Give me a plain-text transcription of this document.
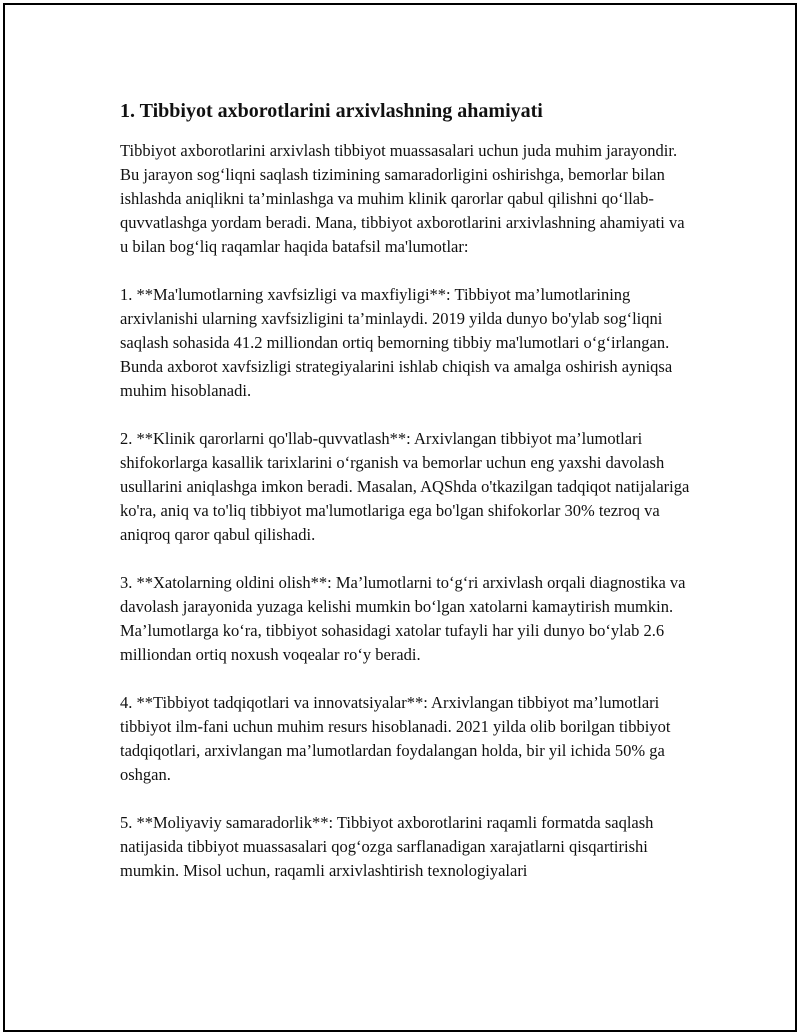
1. Tibbiyot axborotlarini arxivlashning ahamiyati

Tibbiyot axborotlarini arxivlash tibbiyot muassasalari uchun juda muhim jarayondir. Bu jarayon sog‘liqni saqlash tizimining samaradorligini oshirishga, bemorlar bilan ishlashda aniqlikni ta’minlashga va muhim klinik qarorlar qabul qilishni qo‘llab-quvvatlashga yordam beradi. Mana, tibbiyot axborotlarini arxivlashning ahamiyati va u bilan bog‘liq raqamlar haqida batafsil ma'lumotlar:

1. **Ma'lumotlarning xavfsizligi va maxfiyligi**: Tibbiyot ma’lumotlarining arxivlanishi ularning xavfsizligini ta’minlaydi. 2019 yilda dunyo bo'ylab sog‘liqni saqlash sohasida 41.2 milliondan ortiq bemorning tibbiy ma'lumotlari o‘g‘irlangan. Bunda axborot xavfsizligi strategiyalarini ishlab chiqish va amalga oshirish ayniqsa muhim hisoblanadi.

2. **Klinik qarorlarni qo'llab-quvvatlash**: Arxivlangan tibbiyot ma’lumotlari shifokorlarga kasallik tarixlarini o‘rganish va bemorlar uchun eng yaxshi davolash usullarini aniqlashga imkon beradi. Masalan, AQShda o'tkazilgan tadqiqot natijalariga ko'ra, aniq va to'liq tibbiyot ma'lumotlariga ega bo'lgan shifokorlar 30% tezroq va aniqroq qaror qabul qilishadi.

3. **Xatolarning oldini olish**: Ma’lumotlarni to‘g‘ri arxivlash orqali diagnostika va davolash jarayonida yuzaga kelishi mumkin bo‘lgan xatolarni kamaytirish mumkin. Ma’lumotlarga ko‘ra, tibbiyot sohasidagi xatolar tufayli har yili dunyo bo‘ylab 2.6 milliondan ortiq noxush voqealar ro‘y beradi.

4. **Tibbiyot tadqiqotlari va innovatsiyalar**: Arxivlangan tibbiyot ma’lumotlari tibbiyot ilm-fani uchun muhim resurs hisoblanadi. 2021 yilda olib borilgan tibbiyot tadqiqotlari, arxivlangan ma’lumotlardan foydalangan holda, bir yil ichida 50% ga oshgan.

5. **Moliyaviy samaradorlik**: Tibbiyot axborotlarini raqamli formatda saqlash natijasida tibbiyot muassasalari qog‘ozga sarflanadigan xarajatlarni qisqartirishi mumkin. Misol uchun, raqamli arxivlashtirish texnologiyalari
